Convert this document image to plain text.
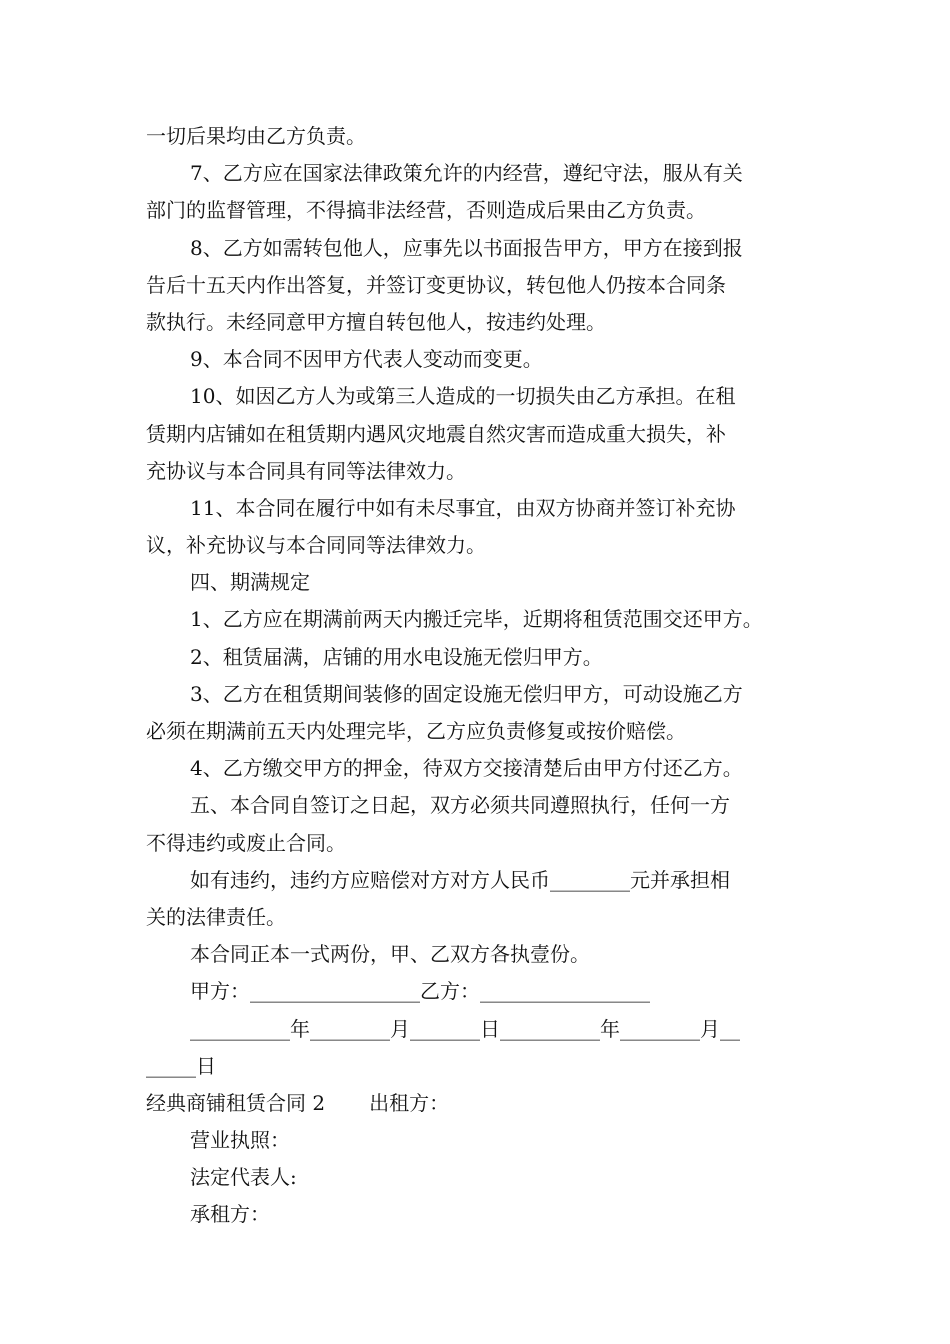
一切后果均由乙方负责。
7、乙方应在国家法律政策允许的内经营，遵纪守法，服从有关
部门的监督管理，不得搞非法经营，否则造成后果由乙方负责。
8、乙方如需转包他人，应事先以书面报告甲方，甲方在接到报
告后十五天内作出答复，并签订变更协议，转包他人仍按本合同条
款执行。未经同意甲方擅自转包他人，按违约处理。
9、本合同不因甲方代表人变动而变更。
10、如因乙方人为或第三人造成的一切损失由乙方承担。在租
赁期内店铺如在租赁期内遇风灾地震自然灾害而造成重大损失，补
充协议与本合同具有同等法律效力。
11、本合同在履行中如有未尽事宜，由双方协商并签订补充协
议，补充协议与本合同同等法律效力。
四、期满规定
1、乙方应在期满前两天内搬迁完毕，近期将租赁范围交还甲方。
2、租赁届满，店铺的用水电设施无偿归甲方。
3、乙方在租赁期间装修的固定设施无偿归甲方，可动设施乙方
必须在期满前五天内处理完毕，乙方应负责修复或按价赔偿。
4、乙方缴交甲方的押金，待双方交接清楚后由甲方付还乙方。
五、本合同自签订之日起，双方必须共同遵照执行，任何一方
不得违约或废止合同。
如有违约，违约方应赔偿对方对方人民币________元并承担相
关的法律责任。
本合同正本一式两份，甲、乙双方各执壹份。
甲方：_________________乙方：_________________
__________年________月_______日__________年________月__
_____日
经典商铺租赁合同 2 出租方：
营业执照：
法定代表人:
承租方：
